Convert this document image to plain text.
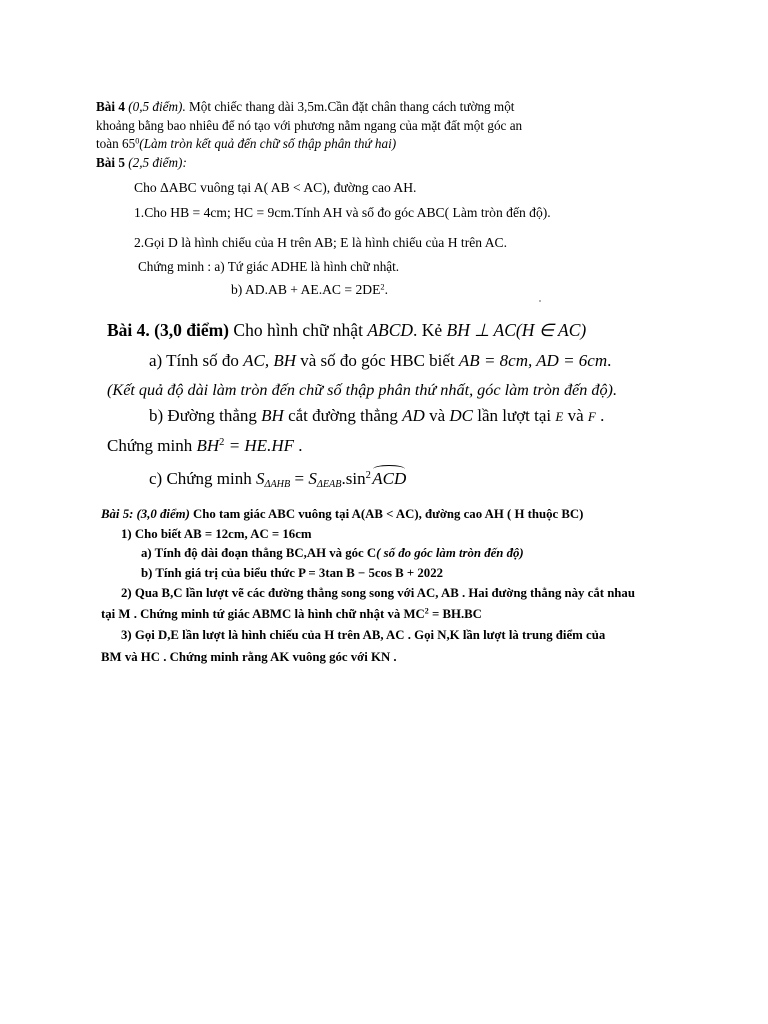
Bài 4 (0,5 điểm). Một chiếc thang dài 3,5m.Cần đặt chân thang cách tường một
khoảng bằng bao nhiêu để nó tạo với phương nằm ngang của mặt đất một góc an
toàn $65^0(Làm$ tròn kết quả đến chữ số thập phân thứ hai)
Bài 5 (2,5 điểm):
Cho ΔABC vuông tại A( AB < AC), đường cao AH.
1.Cho HB = 4cm; HC = 9cm.Tính AH và số đo góc ABC( Làm tròn đến độ).
2.Gọi D là hình chiếu của H trên AB; E là hình chiếu của H trên AC.
Chứng minh : a) Tứ giác ADHE là hình chữ nhật.
b) $AD.AB + AE.AC = 2DE^2$.
Bài 4. (3,0 điểm) Cho hình chữ nhật ABCD. Kẻ BH ⊥ AC(H ∈ AC)
a) Tính số đo AC, BH và số đo góc HBC biết AB = 8cm, AD = 6cm.
(Kết quả độ dài làm tròn đến chữ số thập phân thứ nhất, góc làm tròn đến độ).
b) Đường thẳng BH cắt đường thẳng AD và DC lần lượt tại E và F .
Chứng minh $BH^2 = HE.HF$ .
c) Chứng minh $S_{\Delta AHB} = S_{\Delta EAB}.\sin^2$ ACD
Bài 5: (3,0 điểm) Cho tam giác ABC vuông tại A(AB < AC), đường cao AH ( H thuộc BC)
1) Cho biết AB = 12cm, AC = 16cm
a) Tính độ dài đoạn thẳng BC,AH và góc C( số đo góc làm tròn đến độ)
b) Tính giá trị của biểu thức P = 3tan B − 5cos B + 2022
2) Qua B,C lần lượt vẽ các đường thẳng song song với AC, AB . Hai đường thẳng này cắt nhau
tại M . Chứng minh tứ giác ABMC là hình chữ nhật và $MC^2 = BH.BC$
3) Gọi D,E lần lượt là hình chiếu của H trên AB, AC . Gọi N,K lần lượt là trung điểm của
BM và HC . Chứng minh rằng AK vuông góc với KN .
